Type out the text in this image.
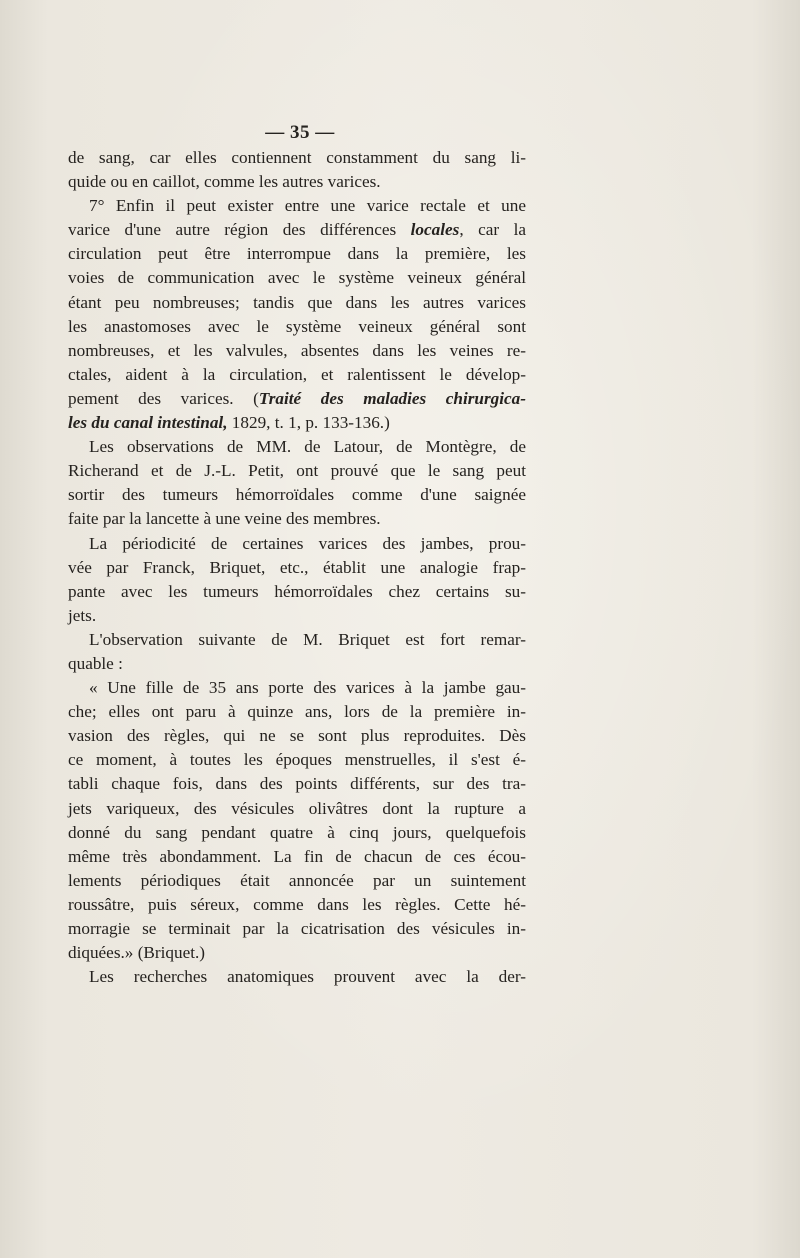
— 35 —
de sang, car elles contiennent constamment du sang li-
quide ou en caillot, comme les autres varices.
7° Enfin il peut exister entre une varice rectale et une
varice d'une autre région des différences locales, car la
circulation peut être interrompue dans la première, les
voies de communication avec le système veineux général
étant peu nombreuses; tandis que dans les autres varices
les anastomoses avec le système veineux général sont
nombreuses, et les valvules, absentes dans les veines re-
ctales, aident à la circulation, et ralentissent le dévelop-
pement des varices. (Traité des maladies chirurgica-
les du canal intestinal, 1829, t. 1, p. 133-136.)
Les observations de MM. de Latour, de Montègre, de
Richerand et de J.-L. Petit, ont prouvé que le sang peut
sortir des tumeurs hémorroïdales comme d'une saignée
faite par la lancette à une veine des membres.
La périodicité de certaines varices des jambes, prou-
vée par Franck, Briquet, etc., établit une analogie frap-
pante avec les tumeurs hémorroïdales chez certains su-
jets.
L'observation suivante de M. Briquet est fort remar-
quable :
« Une fille de 35 ans porte des varices à la jambe gau-
che; elles ont paru à quinze ans, lors de la première in-
vasion des règles, qui ne se sont plus reproduites. Dès
ce moment, à toutes les époques menstruelles, il s'est é-
tabli chaque fois, dans des points différents, sur des tra-
jets variqueux, des vésicules olivâtres dont la rupture a
donné du sang pendant quatre à cinq jours, quelquefois
même très abondamment. La fin de chacun de ces écou-
lements périodiques était annoncée par un suintement
roussâtre, puis séreux, comme dans les règles. Cette hé-
morragie se terminait par la cicatrisation des vésicules in-
diquées.» (Briquet.)
Les recherches anatomiques prouvent avec la der-
